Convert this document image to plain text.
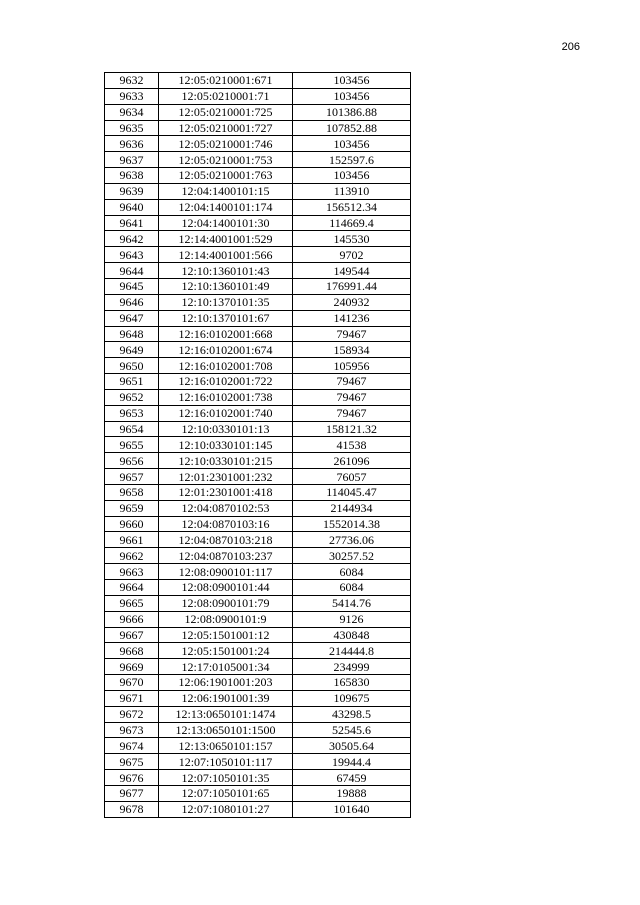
206
9632	12:05:0210001:671	103456
9633	12:05:0210001:71	103456
9634	12:05:0210001:725	101386.88
9635	12:05:0210001:727	107852.88
9636	12:05:0210001:746	103456
9637	12:05:0210001:753	152597.6
9638	12:05:0210001:763	103456
9639	12:04:1400101:15	113910
9640	12:04:1400101:174	156512.34
9641	12:04:1400101:30	114669.4
9642	12:14:4001001:529	145530
9643	12:14:4001001:566	9702
9644	12:10:1360101:43	149544
9645	12:10:1360101:49	176991.44
9646	12:10:1370101:35	240932
9647	12:10:1370101:67	141236
9648	12:16:0102001:668	79467
9649	12:16:0102001:674	158934
9650	12:16:0102001:708	105956
9651	12:16:0102001:722	79467
9652	12:16:0102001:738	79467
9653	12:16:0102001:740	79467
9654	12:10:0330101:13	158121.32
9655	12:10:0330101:145	41538
9656	12:10:0330101:215	261096
9657	12:01:2301001:232	76057
9658	12:01:2301001:418	114045.47
9659	12:04:0870102:53	2144934
9660	12:04:0870103:16	1552014.38
9661	12:04:0870103:218	27736.06
9662	12:04:0870103:237	30257.52
9663	12:08:0900101:117	6084
9664	12:08:0900101:44	6084
9665	12:08:0900101:79	5414.76
9666	12:08:0900101:9	9126
9667	12:05:1501001:12	430848
9668	12:05:1501001:24	214444.8
9669	12:17:0105001:34	234999
9670	12:06:1901001:203	165830
9671	12:06:1901001:39	109675
9672	12:13:0650101:1474	43298.5
9673	12:13:0650101:1500	52545.6
9674	12:13:0650101:157	30505.64
9675	12:07:1050101:117	19944.4
9676	12:07:1050101:35	67459
9677	12:07:1050101:65	19888
9678	12:07:1080101:27	101640
